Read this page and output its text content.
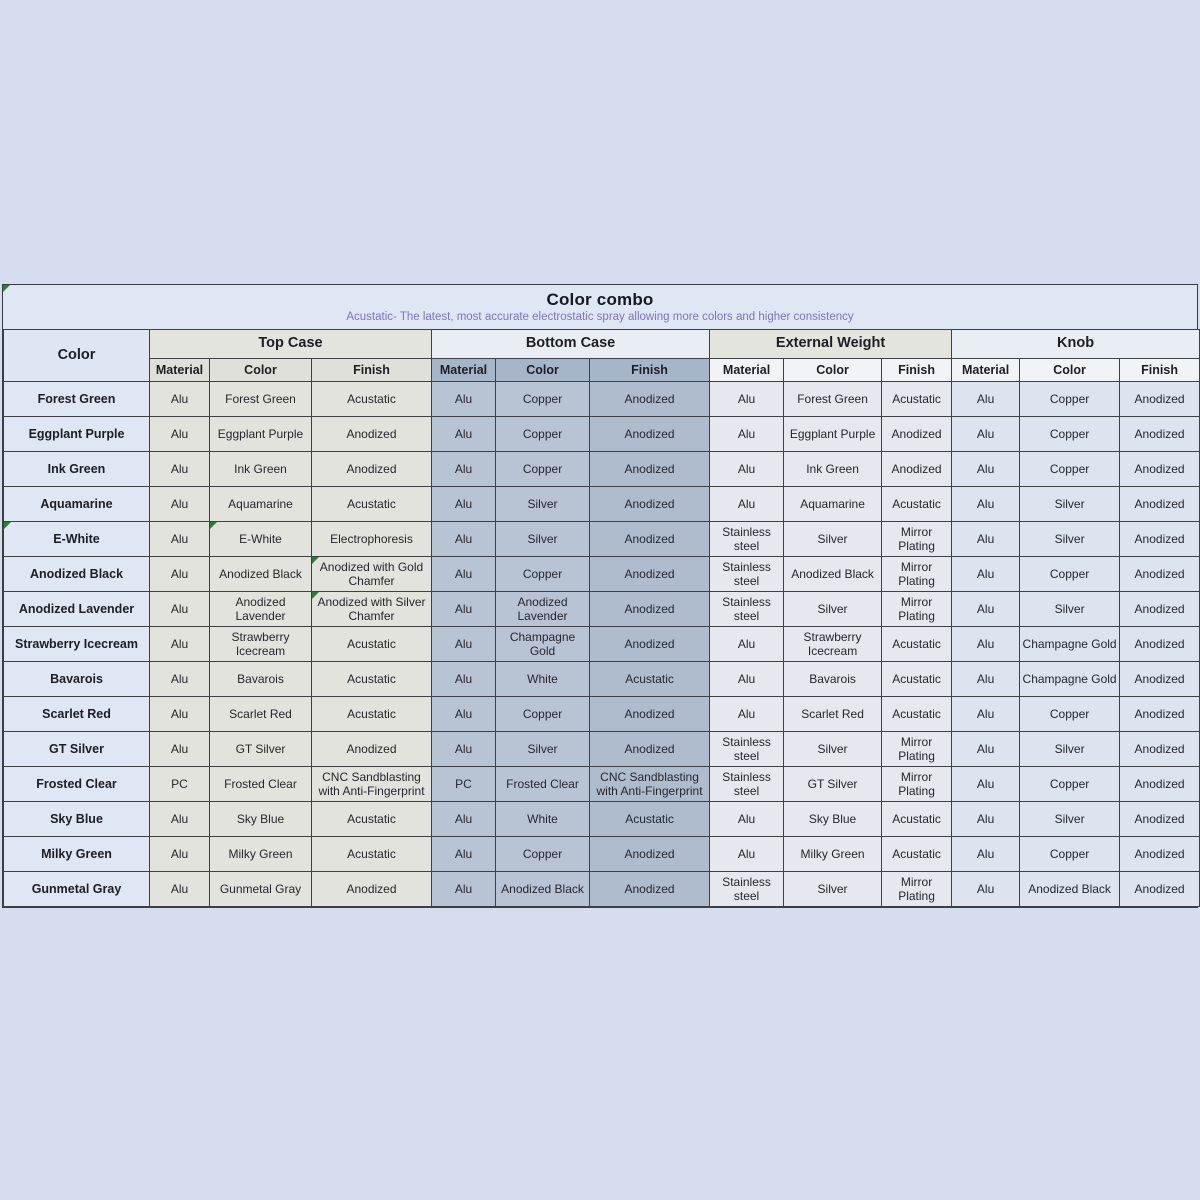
Color combo
Acustatic- The latest, most accurate electrostatic spray allowing more colors and higher consistency
Color	Top Case			Bottom Case			External Weight			Knob		
	Material	Color	Finish	Material	Color	Finish	Material	Color	Finish	Material	Color	Finish
Forest Green	Alu	Forest Green	Acustatic	Alu	Copper	Anodized	Alu	Forest Green	Acustatic	Alu	Copper	Anodized
Eggplant Purple	Alu	Eggplant Purple	Anodized	Alu	Copper	Anodized	Alu	Eggplant Purple	Anodized	Alu	Copper	Anodized
Ink Green	Alu	Ink Green	Anodized	Alu	Copper	Anodized	Alu	Ink Green	Anodized	Alu	Copper	Anodized
Aquamarine	Alu	Aquamarine	Acustatic	Alu	Silver	Anodized	Alu	Aquamarine	Acustatic	Alu	Silver	Anodized
E-White	Alu	E-White	Electrophoresis	Alu	Silver	Anodized	Stainless steel	Silver	Mirror Plating	Alu	Silver	Anodized
Anodized Black	Alu	Anodized Black	Anodized with Gold Chamfer	Alu	Copper	Anodized	Stainless steel	Anodized Black	Mirror Plating	Alu	Copper	Anodized
Anodized Lavender	Alu	Anodized Lavender	Anodized with Silver Chamfer	Alu	Anodized Lavender	Anodized	Stainless steel	Silver	Mirror Plating	Alu	Silver	Anodized
Strawberry Icecream	Alu	Strawberry Icecream	Acustatic	Alu	Champagne Gold	Anodized	Alu	Strawberry Icecream	Acustatic	Alu	Champagne Gold	Anodized
Bavarois	Alu	Bavarois	Acustatic	Alu	White	Acustatic	Alu	Bavarois	Acustatic	Alu	Champagne Gold	Anodized
Scarlet Red	Alu	Scarlet Red	Acustatic	Alu	Copper	Anodized	Alu	Scarlet Red	Acustatic	Alu	Copper	Anodized
GT Silver	Alu	GT Silver	Anodized	Alu	Silver	Anodized	Stainless steel	Silver	Mirror Plating	Alu	Silver	Anodized
Frosted Clear	PC	Frosted Clear	CNC Sandblasting with Anti-Fingerprint	PC	Frosted Clear	CNC Sandblasting with Anti-Fingerprint	Stainless steel	GT Silver	Mirror Plating	Alu	Copper	Anodized
Sky Blue	Alu	Sky Blue	Acustatic	Alu	White	Acustatic	Alu	Sky Blue	Acustatic	Alu	Silver	Anodized
Milky Green	Alu	Milky Green	Acustatic	Alu	Copper	Anodized	Alu	Milky Green	Acustatic	Alu	Copper	Anodized
Gunmetal Gray	Alu	Gunmetal Gray	Anodized	Alu	Anodized Black	Anodized	Stainless steel	Silver	Mirror Plating	Alu	Anodized Black	Anodized
